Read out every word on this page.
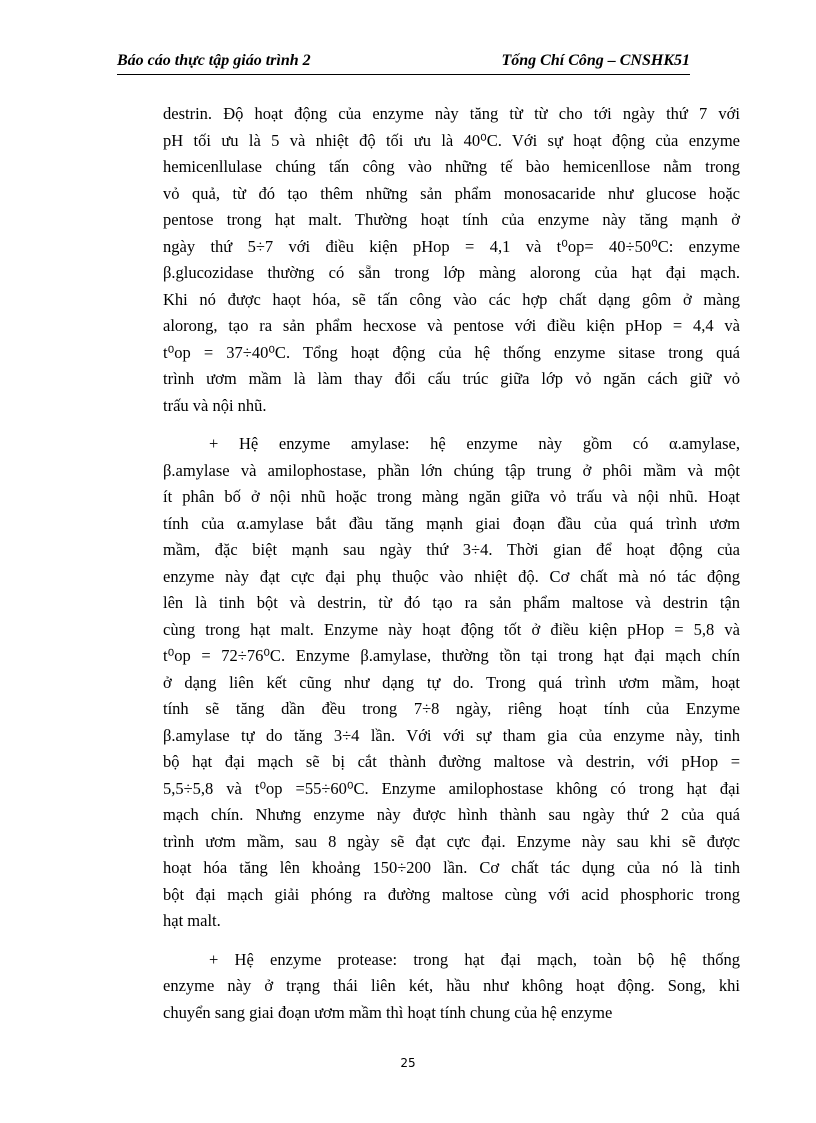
Báo cáo thực tập giáo trình 2	Tống Chí Công – CNSHK51

destrin. Độ hoạt động của enzyme này tăng từ từ cho tới ngày thứ 7 với
pH tối ưu là 5 và nhiệt độ tối ưu là 40⁰C. Với sự hoạt động của enzyme
hemicenllulase chúng tấn công vào những tế bào hemicenllose nằm trong
vỏ quả, từ đó tạo thêm những sản phẩm monosacaride như glucose hoặc
pentose trong hạt malt. Thường hoạt tính của enzyme này tăng mạnh ở
ngày thứ 5÷7 với điều kiện pHop = 4,1 và t⁰op= 40÷50⁰C: enzyme
β.glucozidase thường có sẵn trong lớp màng alorong của hạt đại mạch.
Khi nó được haọt hóa, sẽ tấn công vào các hợp chất dạng gôm ở màng
alorong, tạo ra sản phẩm hecxose và pentose với điều kiện pHop = 4,4 và
t⁰op = 37÷40⁰C. Tổng hoạt động của hệ thống enzyme sitase trong quá
trình ươm mầm là làm thay đổi cấu trúc giữa lớp vỏ ngăn cách giữ vỏ
trấu và nội nhũ.

+ Hệ enzyme amylase: hệ enzyme này gồm có α.amylase,
β.amylase và amilophostase, phần lớn chúng tập trung ở phôi mầm và một
ít phân bố ở nội nhũ hoặc trong màng ngăn giữa vỏ trấu và nội nhũ. Hoạt
tính của α.amylase bắt đầu tăng mạnh giai đoạn đầu của quá trình ươm
mầm, đặc biệt mạnh sau ngày thứ 3÷4. Thời gian để hoạt động của
enzyme này đạt cực đại phụ thuộc vào nhiệt độ. Cơ chất mà nó tác động
lên là tinh bột và destrin, từ đó tạo ra sản phẩm maltose và destrin tận
cùng trong hạt malt. Enzyme này hoạt động tốt ở điều kiện pHop = 5,8 và
t⁰op = 72÷76⁰C. Enzyme β.amylase, thường tồn tại trong hạt đại mạch chín
ở dạng liên kết cũng như dạng tự do. Trong quá trình ươm mầm, hoạt
tính sẽ tăng dần đều trong 7÷8 ngày, riêng hoạt tính của Enzyme
β.amylase tự do tăng 3÷4 lần. Với với sự tham gia của enzyme này, tinh
bộ hạt đại mạch sẽ bị cắt thành đường maltose và destrin, với pHop =
5,5÷5,8 và t⁰op =55÷60⁰C. Enzyme amilophostase không có trong hạt đại
mạch chín. Nhưng enzyme này được hình thành sau ngày thứ 2 của quá
trình ươm mầm, sau 8 ngày sẽ đạt cực đại. Enzyme này sau khi sẽ được
hoạt hóa tăng lên khoảng 150÷200 lần. Cơ chất tác dụng của nó là tinh
bột đại mạch giải phóng ra đường maltose cùng với acid phosphoric trong
hạt malt.

+ Hệ enzyme protease: trong hạt đại mạch, toàn bộ hệ thống
enzyme này ở trạng thái liên két, hầu như không hoạt động. Song, khi
chuyển sang giai đoạn ươm mầm thì hoạt tính chung của hệ enzyme

25
